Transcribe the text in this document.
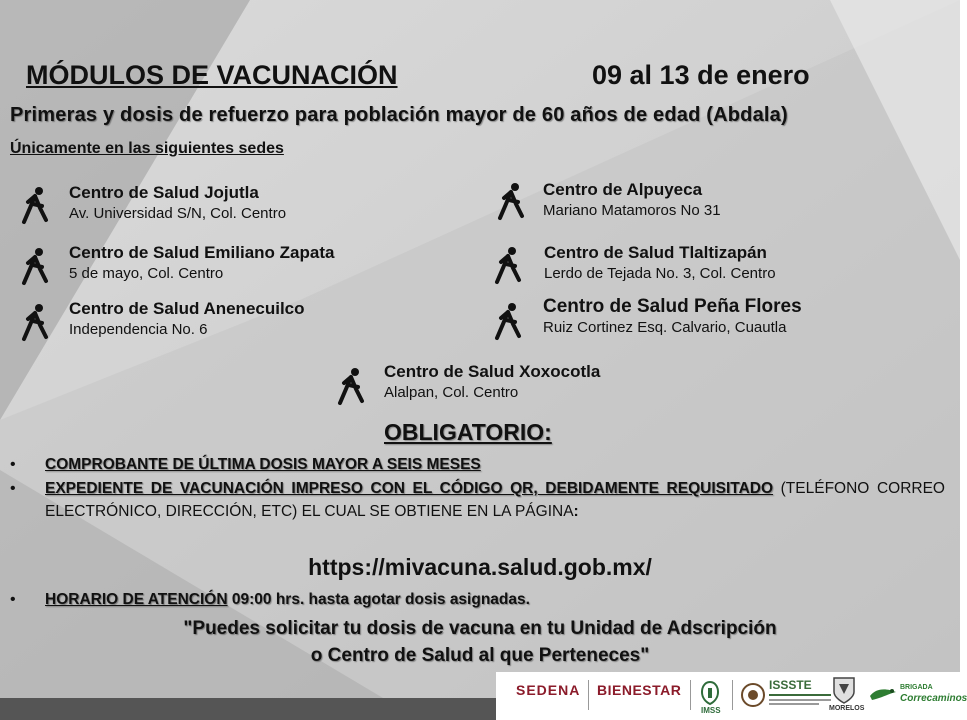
MÓDULOS DE VACUNACIÓN	09 al 13 de enero
Primeras y dosis de refuerzo para población mayor de 60 años de edad (Abdala)
Únicamente en las siguientes sedes
Centro de Salud Jojutla
Av. Universidad S/N, Col. Centro
Centro de Alpuyeca
Mariano Matamoros No 31
Centro de Salud Emiliano Zapata
5 de mayo, Col. Centro
Centro de Salud Tlaltizapán
Lerdo de Tejada No. 3, Col. Centro
Centro de Salud Anenecuilco
Independencia No. 6
Centro de Salud Peña Flores
Ruiz Cortinez Esq. Calvario, Cuautla
Centro de Salud Xoxocotla
Alalpan, Col. Centro
OBLIGATORIO:
• COMPROBANTE DE ÚLTIMA DOSIS MAYOR A SEIS MESES
• EXPEDIENTE DE VACUNACIÓN IMPRESO CON EL CÓDIGO QR, DEBIDAMENTE REQUISITADO (TELÉFONO CORREO ELECTRÓNICO, DIRECCIÓN, ETC) EL CUAL SE OBTIENE EN LA PÁGINA:
https://mivacuna.salud.gob.mx/
• HORARIO DE ATENCIÓN 09:00 hrs. hasta agotar dosis asignadas.
"Puedes solicitar tu dosis de vacuna en tu Unidad de Adscripción
o Centro de Salud al que Perteneces"
SEDENA BIENESTAR
IMSS
ISSSTE
MORELOS
BRIGADA
Correcaminos
